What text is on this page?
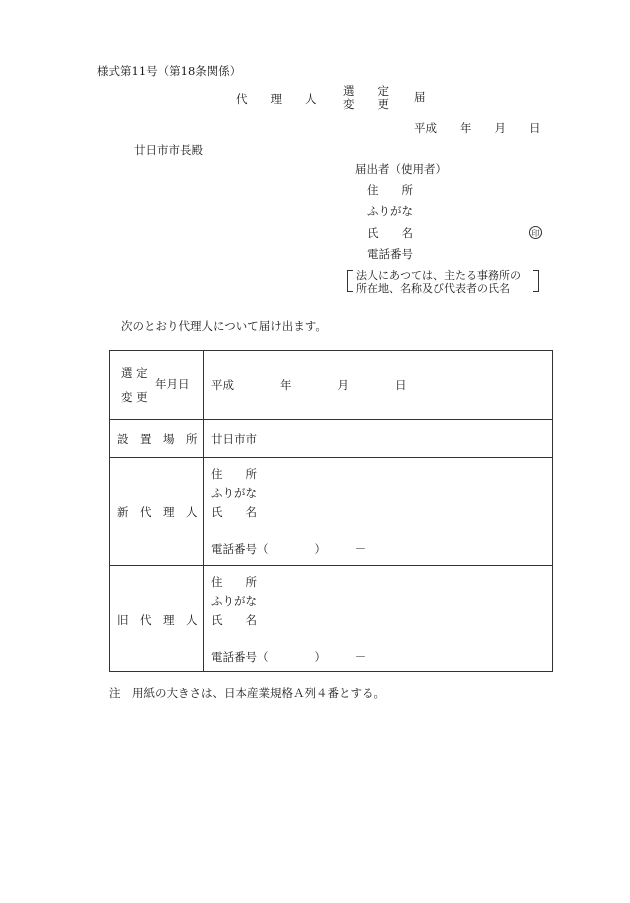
様式第11号（第18条関係）
代　　理　　人
選　　定
変　　更 届
平成　　年　　月　　日
廿日市市長殿
届出者（使用者）
住　　所
ふりがな
氏　　名	印
電話番号
法人にあつては、主たる事務所の
所在地、名称及び代表者の氏名
次のとおり代理人について届け出ます。
選 定
年月日
変 更
平成　　　　年　　　　月　　　　日
設　置　場　所 廿日市市
新　代　理　人
住　　所
ふりがな
氏　　名
電話番号（　　　　）　　　－
旧　代　理　人
住　　所
ふりがな
氏　　名
電話番号（　　　　）　　　－
注　用紙の大きさは、日本産業規格Ａ列４番とする。
